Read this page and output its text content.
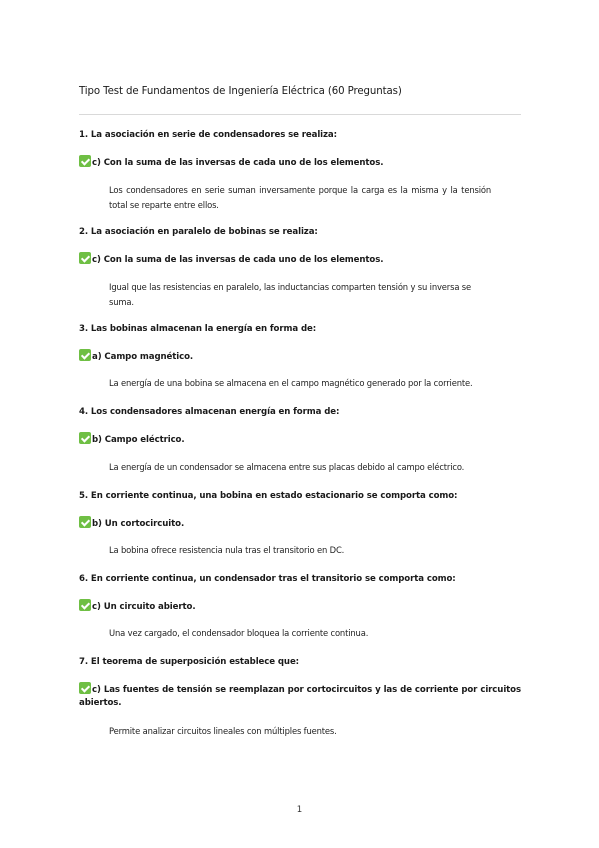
Tipo Test de Fundamentos de Ingeniería Eléctrica (60 Preguntas)
1. La asociación en serie de condensadores se realiza:
c) Con la suma de las inversas de cada uno de los elementos.
Los condensadores en serie suman inversamente porque la carga es la misma y la tensión total se reparte entre ellos.
2. La asociación en paralelo de bobinas se realiza:
c) Con la suma de las inversas de cada uno de los elementos.
Igual que las resistencias en paralelo, las inductancias comparten tensión y su inversa se suma.
3. Las bobinas almacenan la energía en forma de:
a) Campo magnético.
La energía de una bobina se almacena en el campo magnético generado por la corriente.
4. Los condensadores almacenan energía en forma de:
b) Campo eléctrico.
La energía de un condensador se almacena entre sus placas debido al campo eléctrico.
5. En corriente continua, una bobina en estado estacionario se comporta como:
b) Un cortocircuito.
La bobina ofrece resistencia nula tras el transitorio en DC.
6. En corriente continua, un condensador tras el transitorio se comporta como:
c) Un circuito abierto.
Una vez cargado, el condensador bloquea la corriente continua.
7. El teorema de superposición establece que:
c) Las fuentes de tensión se reemplazan por cortocircuitos y las de corriente por circuitos abiertos.
Permite analizar circuitos lineales con múltiples fuentes.
1
